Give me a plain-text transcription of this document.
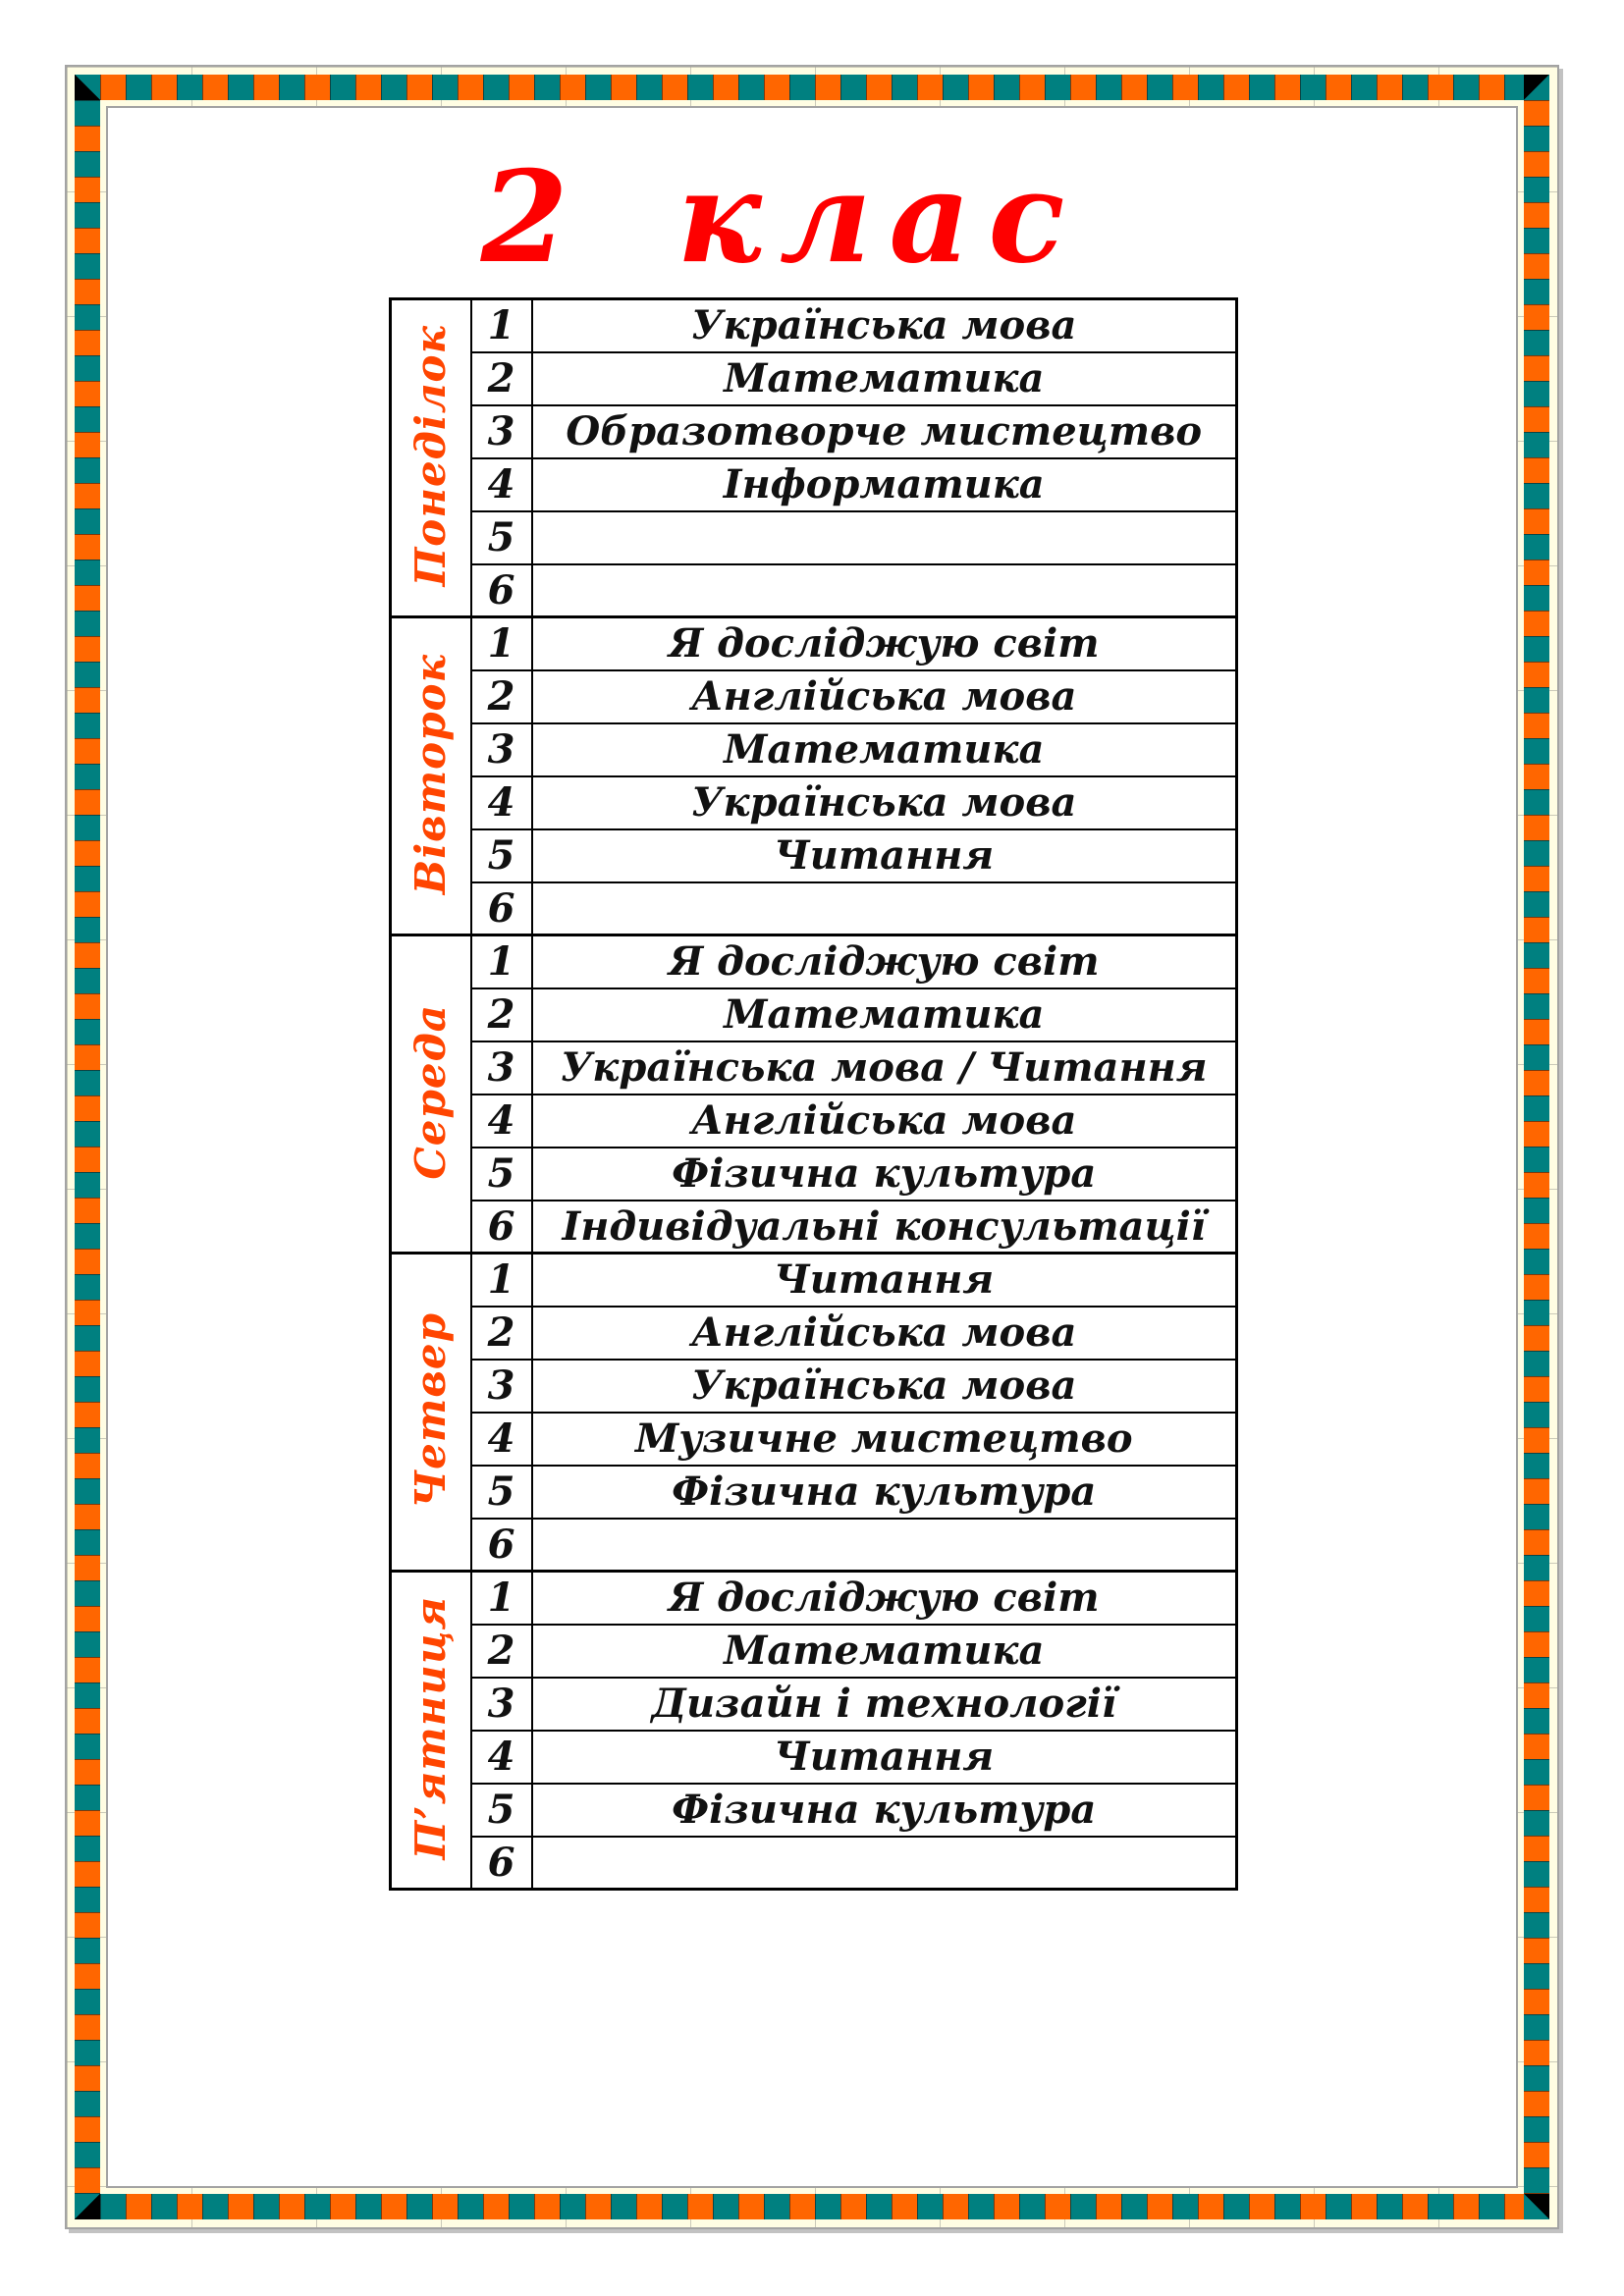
2 клас
Понеділок	1	Українська мова
	2	Математика
	3	Образотворче мистецтво
	4	Інформатика
	5	
	6	
Вівторок	1	Я досліджую світ
	2	Англійська мова
	3	Математика
	4	Українська мова
	5	Читання
	6	
Середа	1	Я досліджую світ
	2	Математика
	3	Українська мова / Читання
	4	Англійська мова
	5	Фізична культура
	6	Індивідуальні консультації
Четвер	1	Читання
	2	Англійська мова
	3	Українська мова
	4	Музичне мистецтво
	5	Фізична культура
	6	
П’ятниця	1	Я досліджую світ
	2	Математика
	3	Дизайн і технології
	4	Читання
	5	Фізична культура
	6	
